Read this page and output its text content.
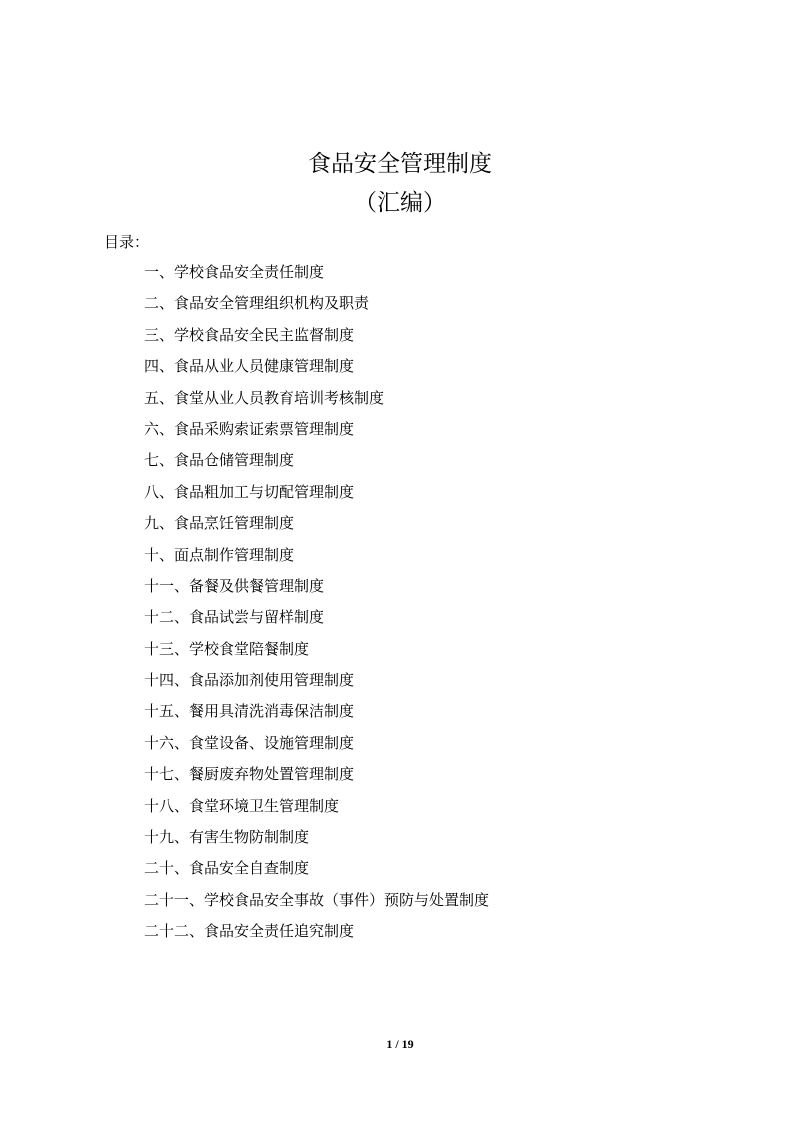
食品安全管理制度
（汇编）
目录：
一、学校食品安全责任制度
二、食品安全管理组织机构及职责
三、学校食品安全民主监督制度
四、食品从业人员健康管理制度
五、食堂从业人员教育培训考核制度
六、食品采购索证索票管理制度
七、食品仓储管理制度
八、食品粗加工与切配管理制度
九、食品烹饪管理制度
十、面点制作管理制度
十一、备餐及供餐管理制度
十二、食品试尝与留样制度
十三、学校食堂陪餐制度
十四、食品添加剂使用管理制度
十五、餐用具清洗消毒保洁制度
十六、食堂设备、设施管理制度
十七、餐厨废弃物处置管理制度
十八、食堂环境卫生管理制度
十九、有害生物防制制度
二十、食品安全自查制度
二十一、学校食品安全事故（事件）预防与处置制度
二十二、食品安全责任追究制度
1 / 19
